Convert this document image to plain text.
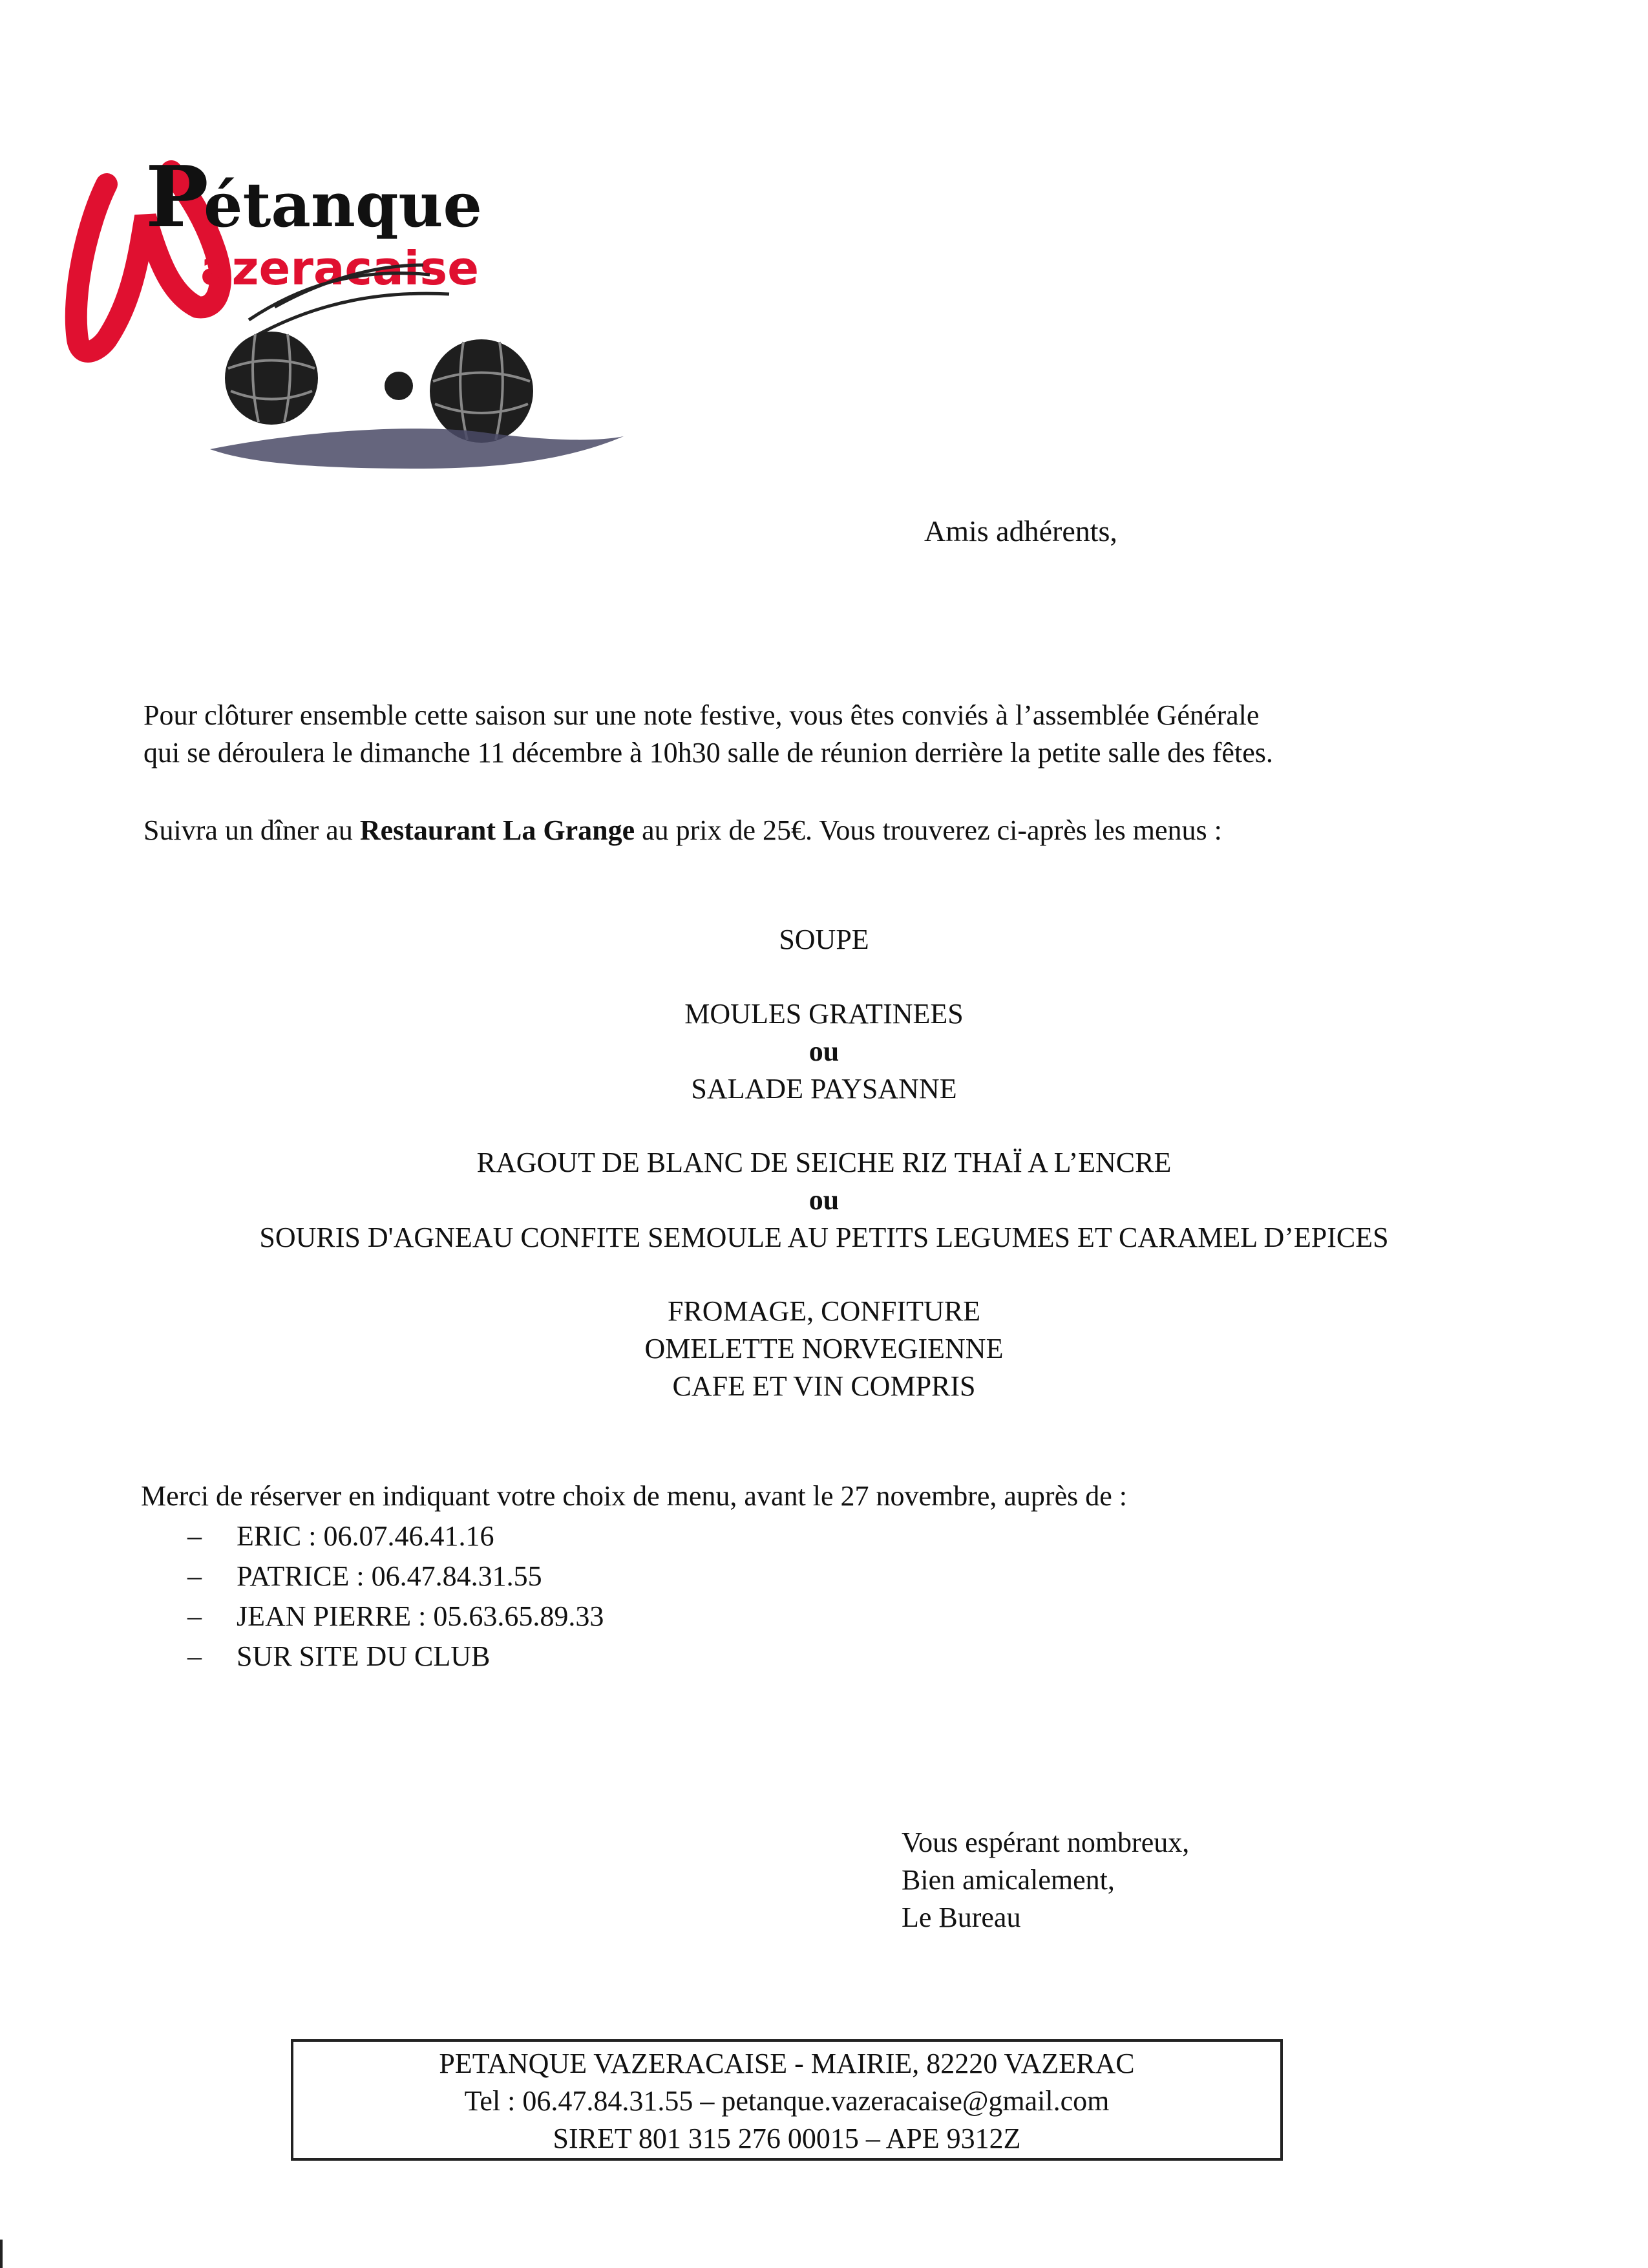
P
étanque
azeracaise
Amis adhérents,
Pour clôturer ensemble cette saison sur une note festive, vous êtes conviés à l’assemblée Générale
qui se déroulera le dimanche 11 décembre à 10h30 salle de réunion derrière la petite salle des fêtes.
Suivra un dîner au Restaurant La Grange au prix de 25€. Vous trouverez ci-après les menus :
SOUPE
MOULES GRATINEES
ou
SALADE PAYSANNE
RAGOUT DE BLANC DE SEICHE RIZ THAÏ A L’ENCRE
ou
SOURIS D'AGNEAU CONFITE SEMOULE AU PETITS LEGUMES ET CARAMEL D’EPICES
FROMAGE, CONFITURE
OMELETTE NORVEGIENNE
CAFE ET VIN COMPRIS
Merci de réserver en indiquant votre choix de menu, avant le 27 novembre, auprès de :
– ERIC : 06.07.46.41.16
– PATRICE : 06.47.84.31.55
– JEAN PIERRE : 05.63.65.89.33
– SUR SITE DU CLUB
Vous espérant nombreux,
Bien amicalement,
Le Bureau
PETANQUE VAZERACAISE - MAIRIE, 82220 VAZERAC
Tel : 06.47.84.31.55 – petanque.vazeracaise@gmail.com
SIRET 801 315 276 00015 – APE 9312Z
